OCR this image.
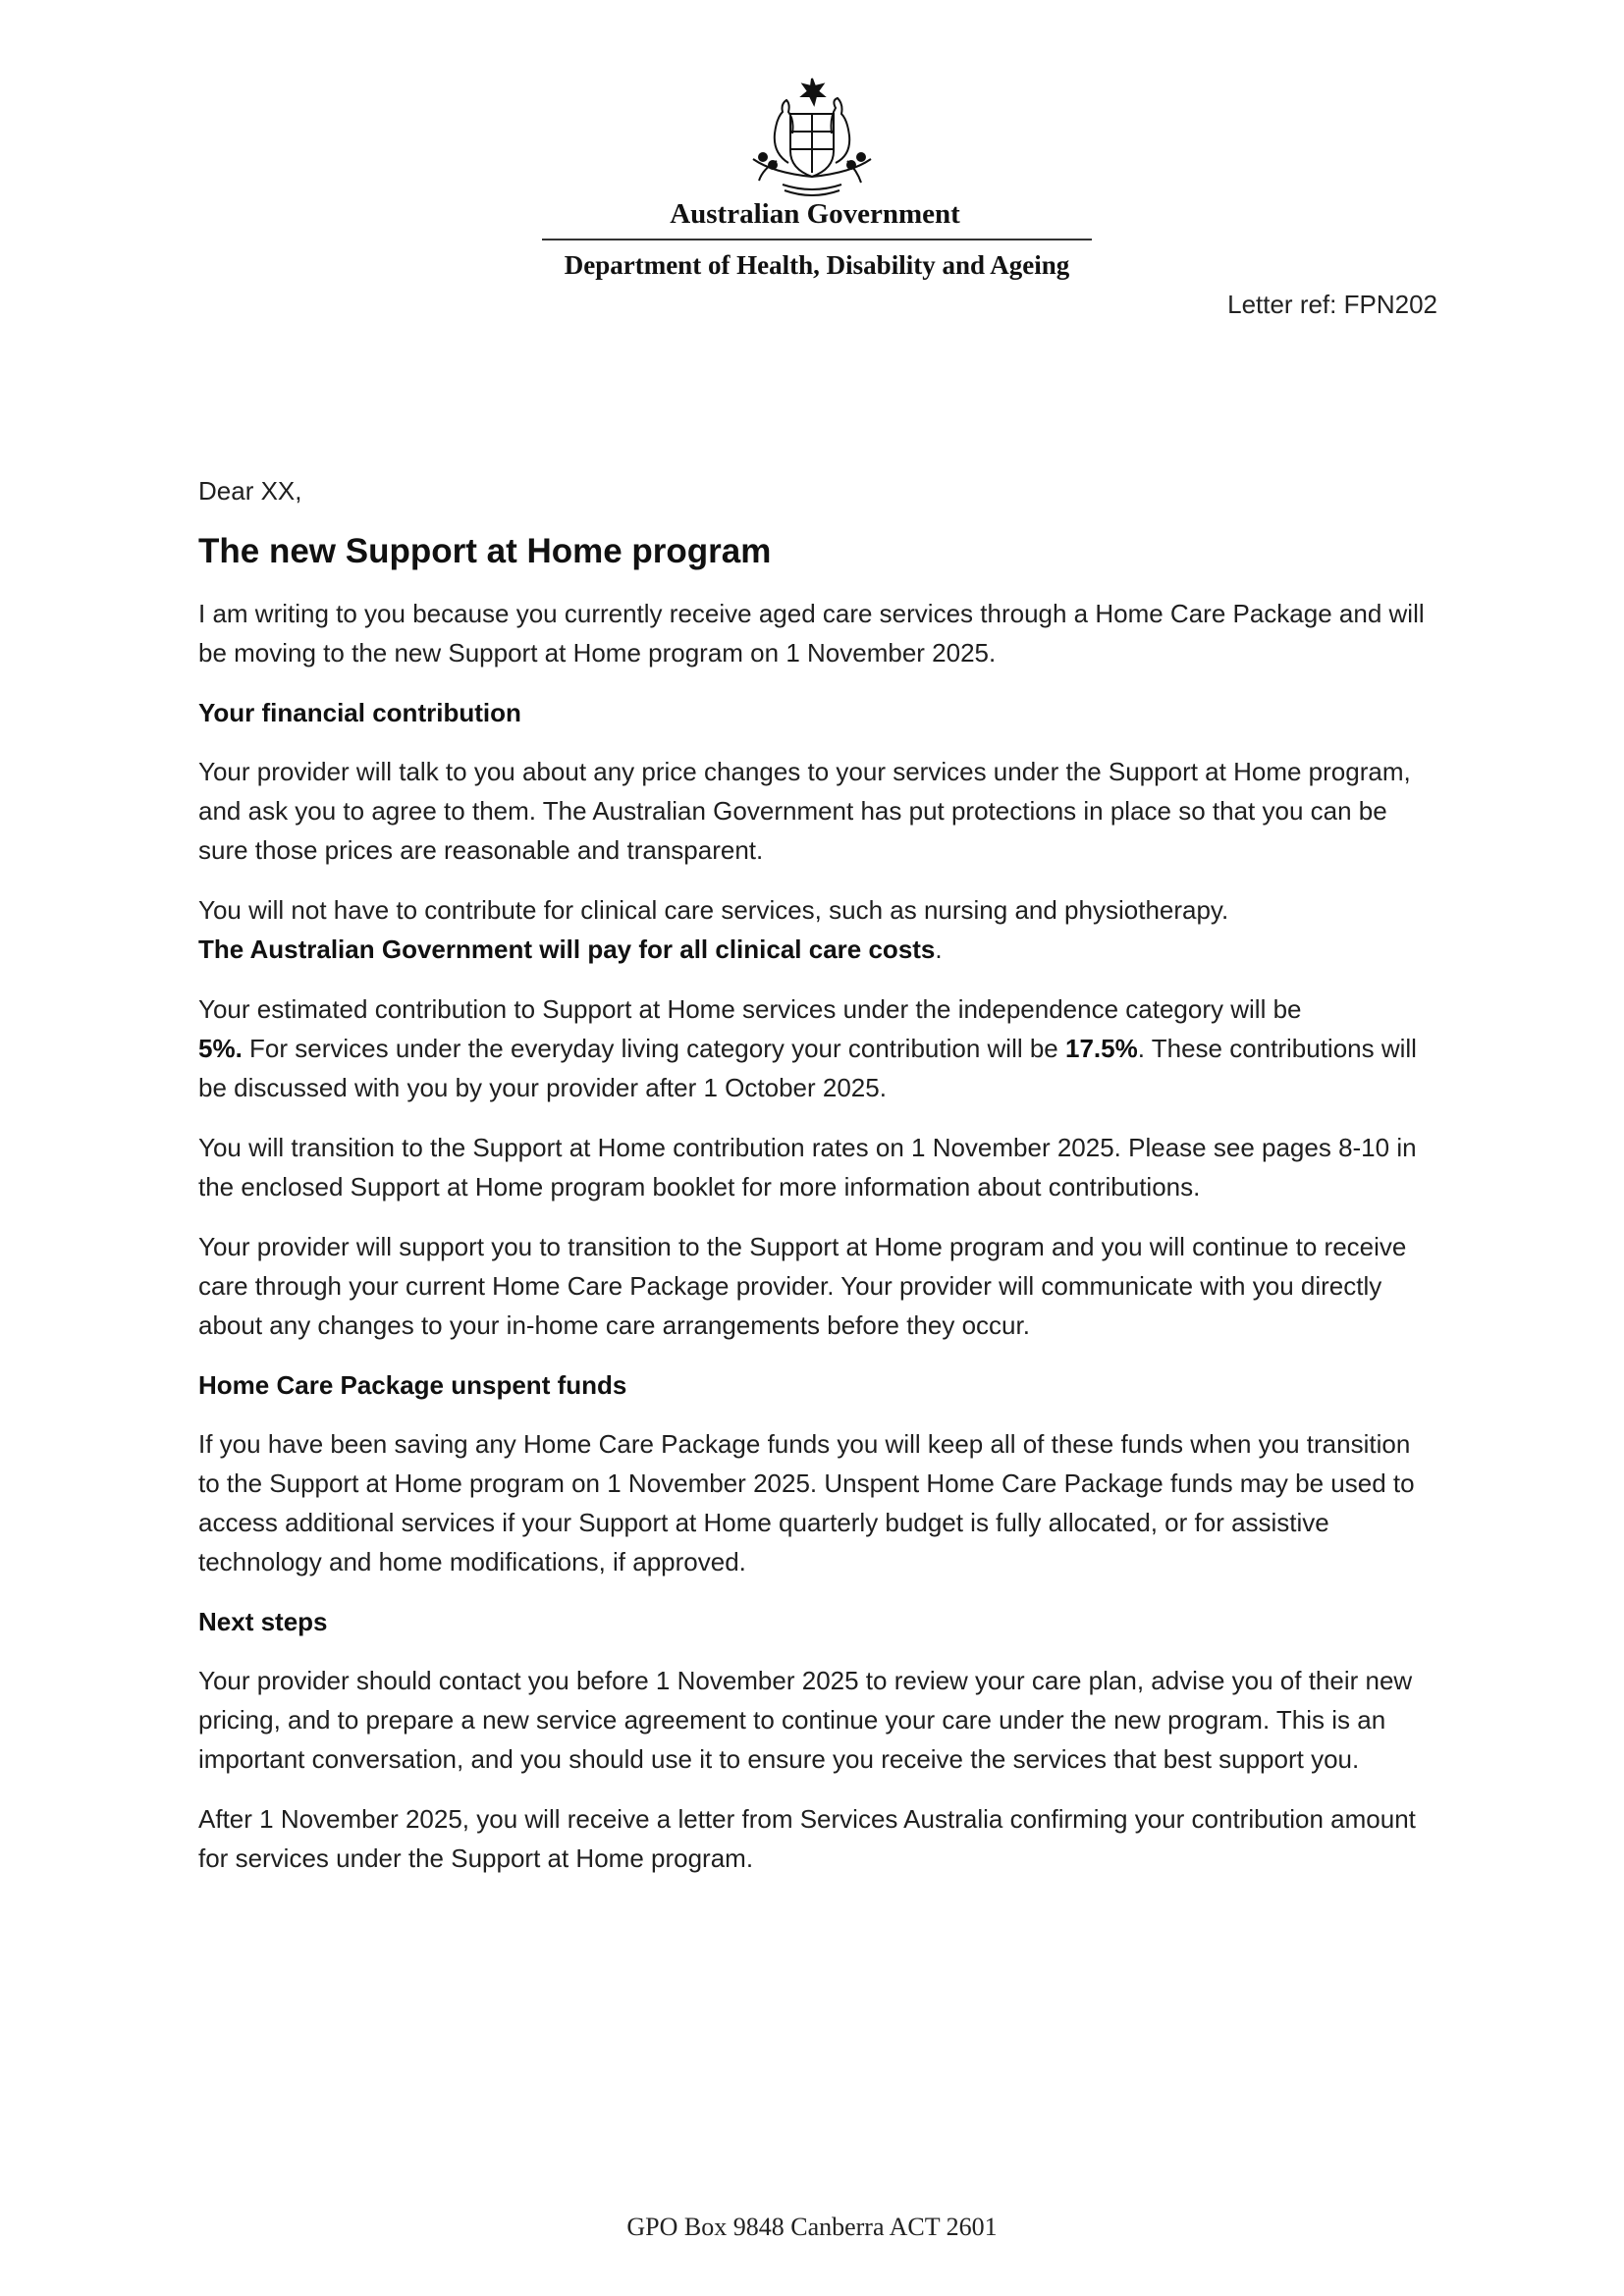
Australian Government
Department of Health, Disability and Ageing
Letter ref: FPN202

Dear XX,

The new Support at Home program

I am writing to you because you currently receive aged care services through a Home Care Package and will be moving to the new Support at Home program on 1 November 2025.

Your financial contribution

Your provider will talk to you about any price changes to your services under the Support at Home program, and ask you to agree to them. The Australian Government has put protections in place so that you can be sure those prices are reasonable and transparent.

You will not have to contribute for clinical care services, such as nursing and physiotherapy.
The Australian Government will pay for all clinical care costs.

Your estimated contribution to Support at Home services under the independence category will be
5%. For services under the everyday living category your contribution will be 17.5%. These contributions will be discussed with you by your provider after 1 October 2025.

You will transition to the Support at Home contribution rates on 1 November 2025. Please see pages 8-10 in the enclosed Support at Home program booklet for more information about contributions.

Your provider will support you to transition to the Support at Home program and you will continue to receive care through your current Home Care Package provider. Your provider will communicate with you directly about any changes to your in-home care arrangements before they occur.

Home Care Package unspent funds

If you have been saving any Home Care Package funds you will keep all of these funds when you transition to the Support at Home program on 1 November 2025. Unspent Home Care Package funds may be used to access additional services if your Support at Home quarterly budget is fully allocated, or for assistive technology and home modifications, if approved.

Next steps

Your provider should contact you before 1 November 2025 to review your care plan, advise you of their new pricing, and to prepare a new service agreement to continue your care under the new program. This is an important conversation, and you should use it to ensure you receive the services that best support you.

After 1 November 2025, you will receive a letter from Services Australia confirming your contribution amount for services under the Support at Home program.

GPO Box 9848 Canberra ACT 2601
